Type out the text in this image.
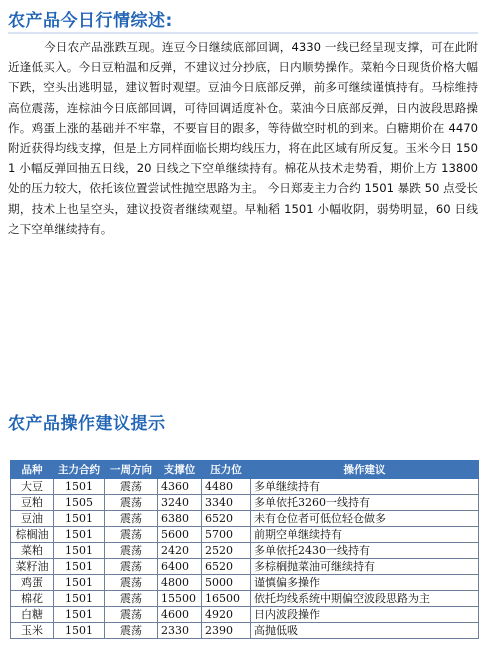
农产品今日行情综述:

今日农产品涨跌互现。连豆今日继续底部回调，4330 一线已经呈现支撑，可在此附近逢低买入。今日豆粕温和反弹，不建议过分抄底，日内顺势操作。菜粕今日现货价格大幅下跌，空头出逃明显，建议暂时观望。豆油今日底部反弹，前多可继续谨慎持有。马棕维持高位震荡，连棕油今日底部回调，可待回调适度补仓。菜油今日底部反弹，日内波段思路操作。鸡蛋上涨的基础并不牢靠，不要盲目的跟多，等待做空时机的到来。白糖期价在 4470 附近获得均线支撑，但是上方同样面临长期均线压力，将在此区域有所反复。玉米今日 1501 小幅反弹回抽五日线，20 日线之下空单继续持有。棉花从技术走势看，期价上方 13800 处的压力较大，依托该位置尝试性抛空思路为主。 今日郑麦主力合约 1501 暴跌 50 点受长期，技术上也呈空头，建议投资者继续观望。早籼稻 1501 小幅收阴，弱势明显，60 日线之下空单继续持有。

农产品操作建议提示
品种	主力合约	一周方向	支撑位	压力位	操作建议
大豆	1501	震荡	4360	4480	多单继续持有
豆粕	1505	震荡	3240	3340	多单依托3260一线持有
豆油	1501	震荡	6380	6520	未有仓位者可低位轻仓做多
棕榈油	1501	震荡	5600	5700	前期空单继续持有
菜粕	1501	震荡	2420	2520	多单依托2430一线持有
菜籽油	1501	震荡	6400	6520	多棕榈抛菜油可继续持有
鸡蛋	1501	震荡	4800	5000	谨慎偏多操作
棉花	1501	震荡	15500	16500	依托均线系统中期偏空波段思路为主
白糖	1501	震荡	4600	4920	日内波段操作
玉米	1501	震荡	2330	2390	高抛低吸
